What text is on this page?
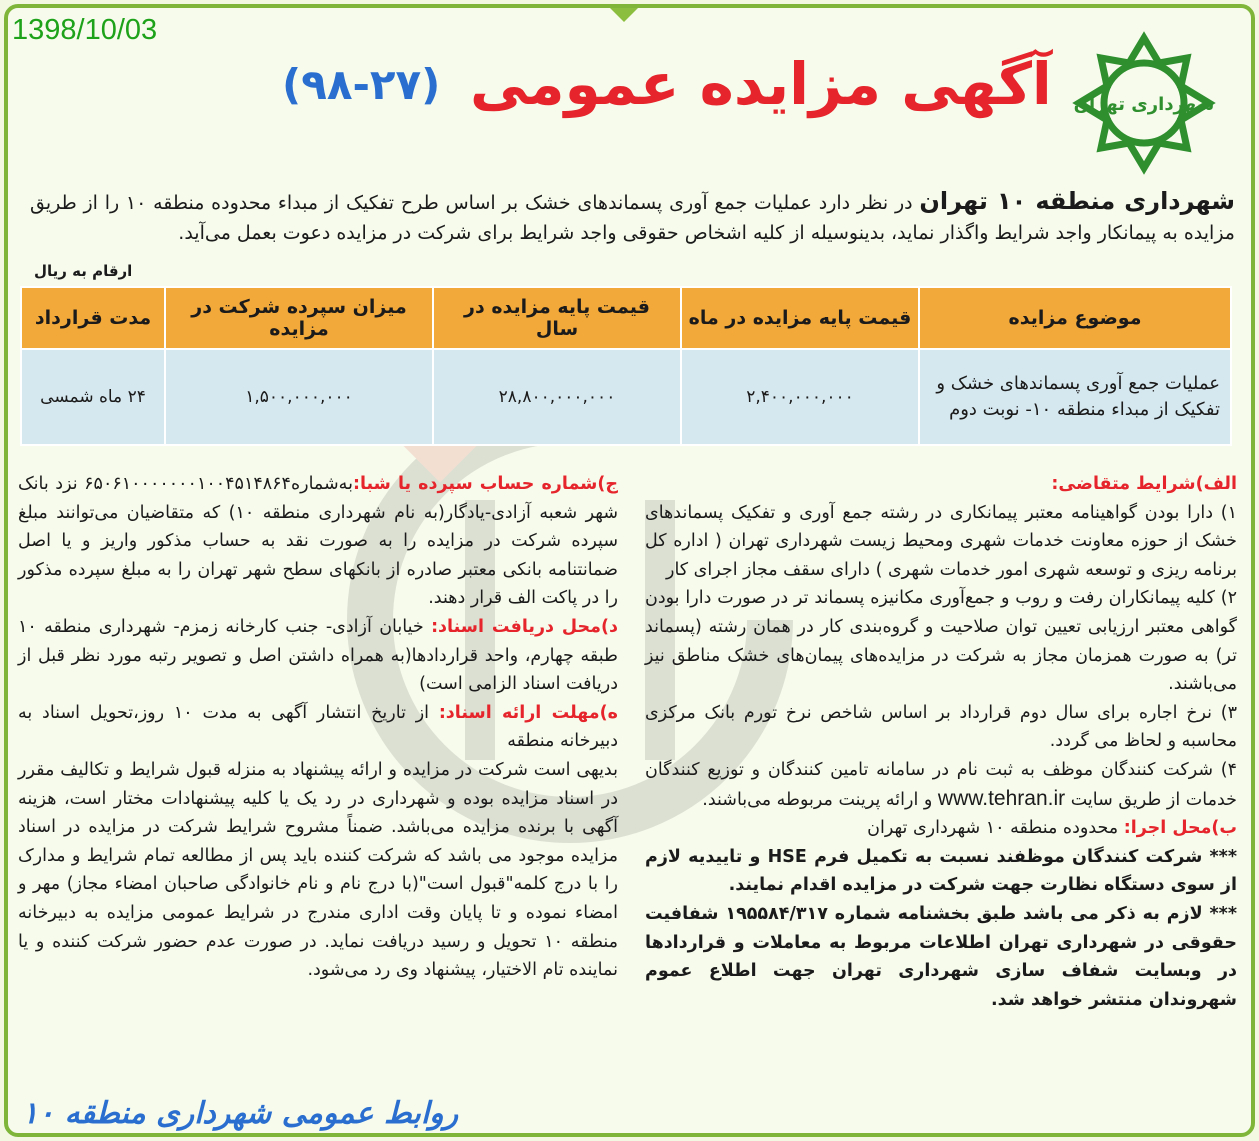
1398/10/03
شهرداری تهران
آگهی مزایده عمومی
(۹۸-۲۷)
شهرداری منطقه ۱۰ تهران در نظر دارد عملیات جمع آوری پسماندهای خشک بر اساس طرح تفکیک از مبداء محدوده منطقه ۱۰ را از طریق مزایده به پیمانکار واجد شرایط واگذار نماید، بدینوسیله از کلیه اشخاص حقوقی واجد شرایط برای شرکت در مزایده دعوت بعمل می‌آید.
ارقام به ریال
موضوع مزایده	قیمت پایه مزایده در ماه	قیمت پایه مزایده در سال	میزان سپرده شرکت در مزایده	مدت قرارداد
عملیات جمع آوری پسماندهای خشک و تفکیک از مبداء منطقه ۱۰- نوبت دوم	۲,۴۰۰,۰۰۰,۰۰۰	۲۸,۸۰۰,۰۰۰,۰۰۰	۱,۵۰۰,۰۰۰,۰۰۰	۲۴ ماه شمسی

الف)شرایط متقاضی:

۱) دارا بودن گواهینامه معتبر پیمانکاری در رشته جمع آوری و تفکیک پسماندهای خشک از حوزه معاونت خدمات شهری ومحیط زیست شهرداری تهران ( اداره کل برنامه ریزی و توسعه شهری امور خدمات شهری ) دارای سقف مجاز اجرای کار

۲) کلیه پیمانکاران رفت و روب و جمع‌آوری مکانیزه پسماند تر در صورت دارا بودن گواهی معتبر ارزیابی تعیین توان صلاحیت و گروه‌بندی کار در همان رشته (پسماند تر) به صورت همزمان مجاز به شرکت در مزایده‌های پیمان‌های خشک مناطق نیز می‌باشند.

۳) نرخ اجاره برای سال دوم قرارداد بر اساس شاخص نرخ تورم بانک مرکزی محاسبه و لحاظ می گردد.

۴) شرکت کنندگان موظف به ثبت نام در سامانه تامین کنندگان و توزیع کنندگان خدمات از طریق سایت www.tehran.ir و ارائه پرینت مربوطه می‌باشند.

ب)محل اجرا: محدوده منطقه ۱۰ شهرداری تهران

*** شرکت کنندگان موظفند نسبت به تکمیل فرم HSE و تاییدیه لازم از سوی دستگاه نظارت جهت شرکت در مزایده اقدام نمایند.

*** لازم به ذکر می باشد طبق بخشنامه شماره ۱۹۵۵۸۴/۳۱۷ شفافیت حقوقی در شهرداری تهران اطلاعات مربوط به معاملات و قراردادها در وبسایت شفاف سازی شهرداری تهران جهت اطلاع عموم شهروندان منتشر خواهد شد.

ج)شماره حساب سپرده یا شبا:به‌شماره۶۵۰۶۱۰۰۰۰۰۰۰۱۰۰۴۵۱۴۸۶۴ نزد بانک شهر شعبه آزادی-یادگار(به نام شهرداری منطقه ۱۰) که متقاضیان می‌توانند مبلغ سپرده شرکت در مزایده را به صورت نقد به حساب مذکور واریز و یا اصل ضمانتنامه بانکی معتبر صادره از بانکهای سطح شهر تهران را به مبلغ سپرده مذکور را در پاکت الف قرار دهند.

د)محل دریافت اسناد: خیابان آزادی- جنب کارخانه زمزم- شهرداری منطقه ۱۰ طبقه چهارم، واحد قراردادها(به همراه داشتن اصل و تصویر رتبه مورد نظر قبل از دریافت اسناد الزامی است)

ه)مهلت ارائه اسناد: از تاریخ انتشار آگهی به مدت ۱۰ روز،تحویل اسناد به دبیرخانه منطقه

بدیهی است شرکت در مزایده و ارائه پیشنهاد به منزله قبول شرایط و تکالیف مقرر در اسناد مزایده بوده و شهرداری در رد یک یا کلیه پیشنهادات مختار است، هزینه آگهی با برنده مزایده می‌باشد. ضمناً مشروح شرایط شرکت در مزایده در اسناد مزایده موجود می باشد که شرکت کننده باید پس از مطالعه تمام شرایط و مدارک را با درج کلمه"قبول است"(با درج نام و نام خانوادگی صاحبان امضاء مجاز) مهر و امضاء نموده و تا پایان وقت اداری مندرج در شرایط عمومی مزایده به دبیرخانه منطقه ۱۰ تحویل و رسید دریافت نماید. در صورت عدم حضور شرکت کننده و یا نماینده تام الاختیار، پیشنهاد وی رد می‌شود.

روابط عمومی شهرداری منطقه ۱۰
